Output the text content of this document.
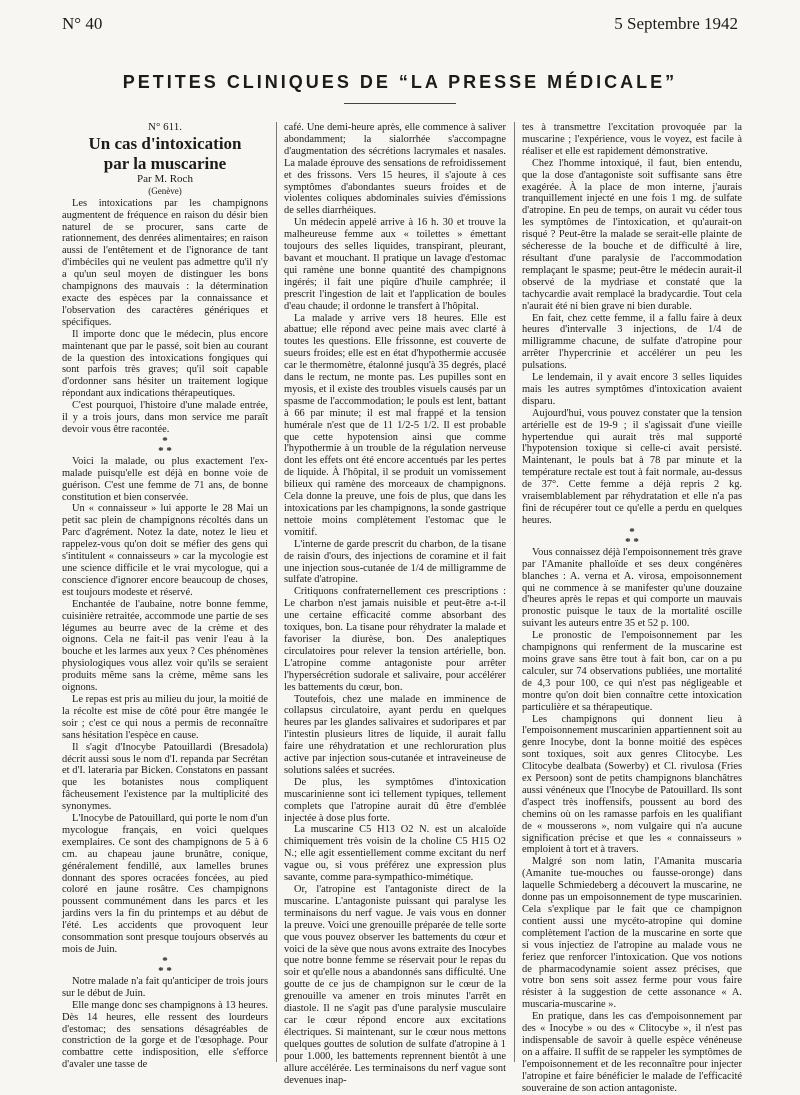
N° 40	5 Septembre 1942
PETITES CLINIQUES DE “LA PRESSE MÉDICALE”

N° 611.

Un cas d'intoxication
par la muscarine

Par M. Roch

(Genève)

Les intoxications par les champignons augmentent de fréquence en raison du désir bien naturel de se procurer, sans carte de rationnement, des denrées alimentaires; en raison aussi de l'entêtement et de l'ignorance de tant d'imbéciles qui ne veulent pas admettre qu'il n'y a qu'un seul moyen de distinguer les bons champignons des mauvais : la détermination exacte des espèces par la connaissance et l'observation des caractères génériques et spécifiques.

Il importe donc que le médecin, plus encore maintenant que par le passé, soit bien au courant de la question des intoxications fongiques qui sont parfois très graves; qu'il soit capable d'ordonner sans hésiter un traitement logique répondant aux indications thérapeutiques.

C'est pourquoi, l'histoire d'une malade entrée, il y a trois jours, dans mon service me paraît devoir vous être racontée.

*
* *

Voici la malade, ou plus exactement l'ex-malade puisqu'elle est déjà en bonne voie de guérison. C'est une femme de 71 ans, de bonne constitution et bien conservée.

Un « connaisseur » lui apporte le 28 Mai un petit sac plein de champignons récoltés dans un Parc d'agrément. Notez la date, notez le lieu et rappelez-vous qu'on doit se méfier des gens qui s'intitulent « connaisseurs » car la mycologie est une science difficile et le vrai mycologue, qui a conscience d'ignorer encore beaucoup de choses, est toujours modeste et réservé.

Enchantée de l'aubaine, notre bonne femme, cuisinière retraitée, accommode une partie de ses légumes au beurre avec de la crème et des oignons. Cela ne fait-il pas venir l'eau à la bouche et les larmes aux yeux ? Ces phénomènes physiologiques vous allez voir qu'ils se seraient produits même sans la crème, même sans les oignons.

Le repas est pris au milieu du jour, la moitié de la récolte est mise de côté pour être mangée le soir ; c'est ce qui nous a permis de reconnaître sans hésitation l'espèce en cause.

Il s'agit d'Inocybe Patouillardi (Bresadola) décrit aussi sous le nom d'I. repanda par Secrétan et d'I. lateraria par Bicken. Constatons en passant que les botanistes nous compliquent fâcheusement l'existence par la multiplicité des synonymes.

L'Inocybe de Patouillard, qui porte le nom d'un mycologue français, en voici quelques exemplaires. Ce sont des champignons de 5 à 6 cm. au chapeau jaune brunâtre, conique, généralement fendillé, aux lamelles brunes donnant des spores ocracées foncées, au pied coloré en jaune rosâtre. Ces champignons poussent communément dans les parcs et les jardins vers la fin du printemps et au début de l'été. Les accidents que provoquent leur consommation sont presque toujours observés au mois de Juin.

*
* *

Notre malade n'a fait qu'anticiper de trois jours sur le début de Juin.

Elle mange donc ses champignons à 13 heures. Dès 14 heures, elle ressent des lourdeurs d'estomac; des sensations désagréables de constriction de la gorge et de l'œsophage. Pour combattre cette indisposition, elle s'efforce d'avaler une tasse de

café. Une demi-heure après, elle commence à saliver abondamment; la sialorrhée s'accompagne d'augmentation des sécrétions lacrymales et nasales. La malade éprouve des sensations de refroidissement et des frissons. Vers 15 heures, il s'ajoute à ces symptômes d'abondantes sueurs froides et de violentes coliques abdominales suivies d'émissions de selles diarrhéiques.

Un médecin appelé arrive à 16 h. 30 et trouve la malheureuse femme aux « toilettes » émettant toujours des selles liquides, transpirant, pleurant, bavant et mouchant. Il pratique un lavage d'estomac qui ramène une bonne quantité des champignons ingérés; il fait une piqûre d'huile camphrée; il prescrit l'ingestion de lait et l'application de boules d'eau chaude; il ordonne le transfert à l'hôpital.

La malade y arrive vers 18 heures. Elle est abattue; elle répond avec peine mais avec clarté à toutes les questions. Elle frissonne, est couverte de sueurs froides; elle est en état d'hypothermie accusée car le thermomètre, étalonné jusqu'à 35 degrés, placé dans le rectum, ne monte pas. Les pupilles sont en myosis, et il existe des troubles visuels causés par un spasme de l'accommodation; le pouls est lent, battant à 66 par minute; il est mal frappé et la tension humérale n'est que de 11 1/2-5 1/2. Il est probable que cette hypotension ainsi que comme l'hypothermie à un trouble de la régulation nerveuse dont les effets ont été encore accentués par les pertes de liquide. À l'hôpital, il se produit un vomissement bilieux qui ramène des morceaux de champignons. Cela donne la preuve, une fois de plus, que dans les intoxications par les champignons, la sonde gastrique nettoie moins complètement l'estomac que le vomitif.

L'interne de garde prescrit du charbon, de la tisane de raisin d'ours, des injections de coramine et il fait une injection sous-cutanée de 1/4 de milligramme de sulfate d'atropine.

Critiquons confraternellement ces prescriptions : Le charbon n'est jamais nuisible et peut-être a-t-il une certaine efficacité comme absorbant des toxiques, bon. La tisane pour réhydrater la malade et favoriser la diurèse, bon. Des analeptiques circulatoires pour relever la tension artérielle, bon. L'atropine comme antagoniste pour arrêter l'hypersécrétion sudorale et salivaire, pour accélérer les battements du cœur, bon.

Toutefois, chez une malade en imminence de collapsus circulatoire, ayant perdu en quelques heures par les glandes salivaires et sudoripares et par l'intestin plusieurs litres de liquide, il aurait fallu faire une réhydratation et une rechloruration plus active par injection sous-cutanée et intraveineuse de solutions salées et sucrées.

De plus, les symptômes d'intoxication muscarinienne sont ici tellement typiques, tellement complets que l'atropine aurait dû être d'emblée injectée à dose plus forte.

La muscarine C5 H13 O2 N. est un alcaloïde chimiquement très voisin de la choline C5 H15 O2 N.; elle agit essentiellement comme excitant du nerf vague ou, si vous préférez une expression plus savante, comme para-sympathico-mimétique.

Or, l'atropine est l'antagoniste direct de la muscarine. L'antagoniste puissant qui paralyse les terminaisons du nerf vague. Je vais vous en donner la preuve. Voici une grenouille préparée de telle sorte que vous pouvez observer les battements du cœur et voici de la sève que nous avons extraite des Inocybes que notre bonne femme se réservait pour le repas du soir et qu'elle nous a abandonnés sans difficulté. Une goutte de ce jus de champignon sur le cœur de la grenouille va amener en trois minutes l'arrêt en diastole. Il ne s'agit pas d'une paralysie musculaire car le cœur répond encore aux excitations électriques. Si maintenant, sur le cœur nous mettons quelques gouttes de solution de sulfate d'atropine à 1 pour 1.000, les battements reprennent bientôt à une allure accélérée. Les terminaisons du nerf vague sont devenues inap-

tes à transmettre l'excitation provoquée par la muscarine ; l'expérience, vous le voyez, est facile à réaliser et elle est rapidement démonstrative.

Chez l'homme intoxiqué, il faut, bien entendu, que la dose d'antagoniste soit suffisante sans être exagérée. À la place de mon interne, j'aurais tranquillement injecté en une fois 1 mg. de sulfate d'atropine. En peu de temps, on aurait vu céder tous les symptômes de l'intoxication, et qu'aurait-on risqué ? Peut-être la malade se serait-elle plainte de sécheresse de la bouche et de difficulté à lire, résultant d'une paralysie de l'accommodation remplaçant le spasme; peut-être le médecin aurait-il observé de la mydriase et constaté que la tachycardie avait remplacé la bradycardie. Tout cela n'aurait été ni bien grave ni bien durable.

En fait, chez cette femme, il a fallu faire à deux heures d'intervalle 3 injections, de 1/4 de milligramme chacune, de sulfate d'atropine pour arrêter l'hypercrinie et accélérer un peu les pulsations.

Le lendemain, il y avait encore 3 selles liquides mais les autres symptômes d'intoxication avaient disparu.

Aujourd'hui, vous pouvez constater que la tension artérielle est de 19-9 ; il s'agissait d'une vieille hypertendue qui aurait très mal supporté l'hypotension toxique si celle-ci avait persisté. Maintenant, le pouls bat à 78 par minute et la température rectale est tout à fait normale, au-dessus de 37°. Cette femme a déjà repris 2 kg. vraisemblablement par réhydratation et elle n'a pas fini de récupérer tout ce qu'elle a perdu en quelques heures.

*
* *

Vous connaissez déjà l'empoisonnement très grave par l'Amanite phalloïde et ses deux congénères blanches : A. verna et A. virosa, empoisonnement qui ne commence à se manifester qu'une douzaine d'heures après le repas et qui comporte un mauvais pronostic puisque le taux de la mortalité oscille suivant les auteurs entre 35 et 52 p. 100.

Le pronostic de l'empoisonnement par les champignons qui renferment de la muscarine est moins grave sans être tout à fait bon, car on a pu calculer, sur 74 observations publiées, une mortalité de 4,3 pour 100, ce qui n'est pas négligeable et montre qu'on doit bien connaître cette intoxication particulière et sa thérapeutique.

Les champignons qui donnent lieu à l'empoisonnement muscarinien appartiennent soit au genre Inocybe, dont la bonne moitié des espèces sont toxiques, soit aux genres Clitocybe. Les Clitocybe dealbata (Sowerby) et Cl. rivulosa (Fries ex Persoon) sont de petits champignons blanchâtres aussi vénéneux que l'Inocybe de Patouillard. Ils sont d'aspect très inoffensifs, poussent au bord des chemins où on les ramasse parfois en les qualifiant de « mousserons », nom vulgaire qui n'a aucune signification précise et que les « connaisseurs » emploient à tort et à travers.

Malgré son nom latin, l'Amanita muscaria (Amanite tue-mouches ou fausse-oronge) dans laquelle Schmiedeberg a découvert la muscarine, ne donne pas un empoisonnement de type muscarinien. Cela s'explique par le fait que ce champignon contient aussi une mycéto-atropine qui domine complètement l'action de la muscarine en sorte que si vous injectiez de l'atropine au malade vous ne feriez que renforcer l'intoxication. Que vos notions de pharmacodynamie soient assez précises, que votre bon sens soit assez ferme pour vous faire résister à la suggestion de cette assonance « A. muscaria-muscarine ».

En pratique, dans les cas d'empoisonnement par des « Inocybe » ou des « Clitocybe », il n'est pas indispensable de savoir à quelle espèce vénéneuse on a affaire. Il suffit de se rappeler les symptômes de l'empoisonnement et de les reconnaître pour injecter l'atropine et faire bénéficier le malade de l'efficacité souveraine de son action antagoniste.
